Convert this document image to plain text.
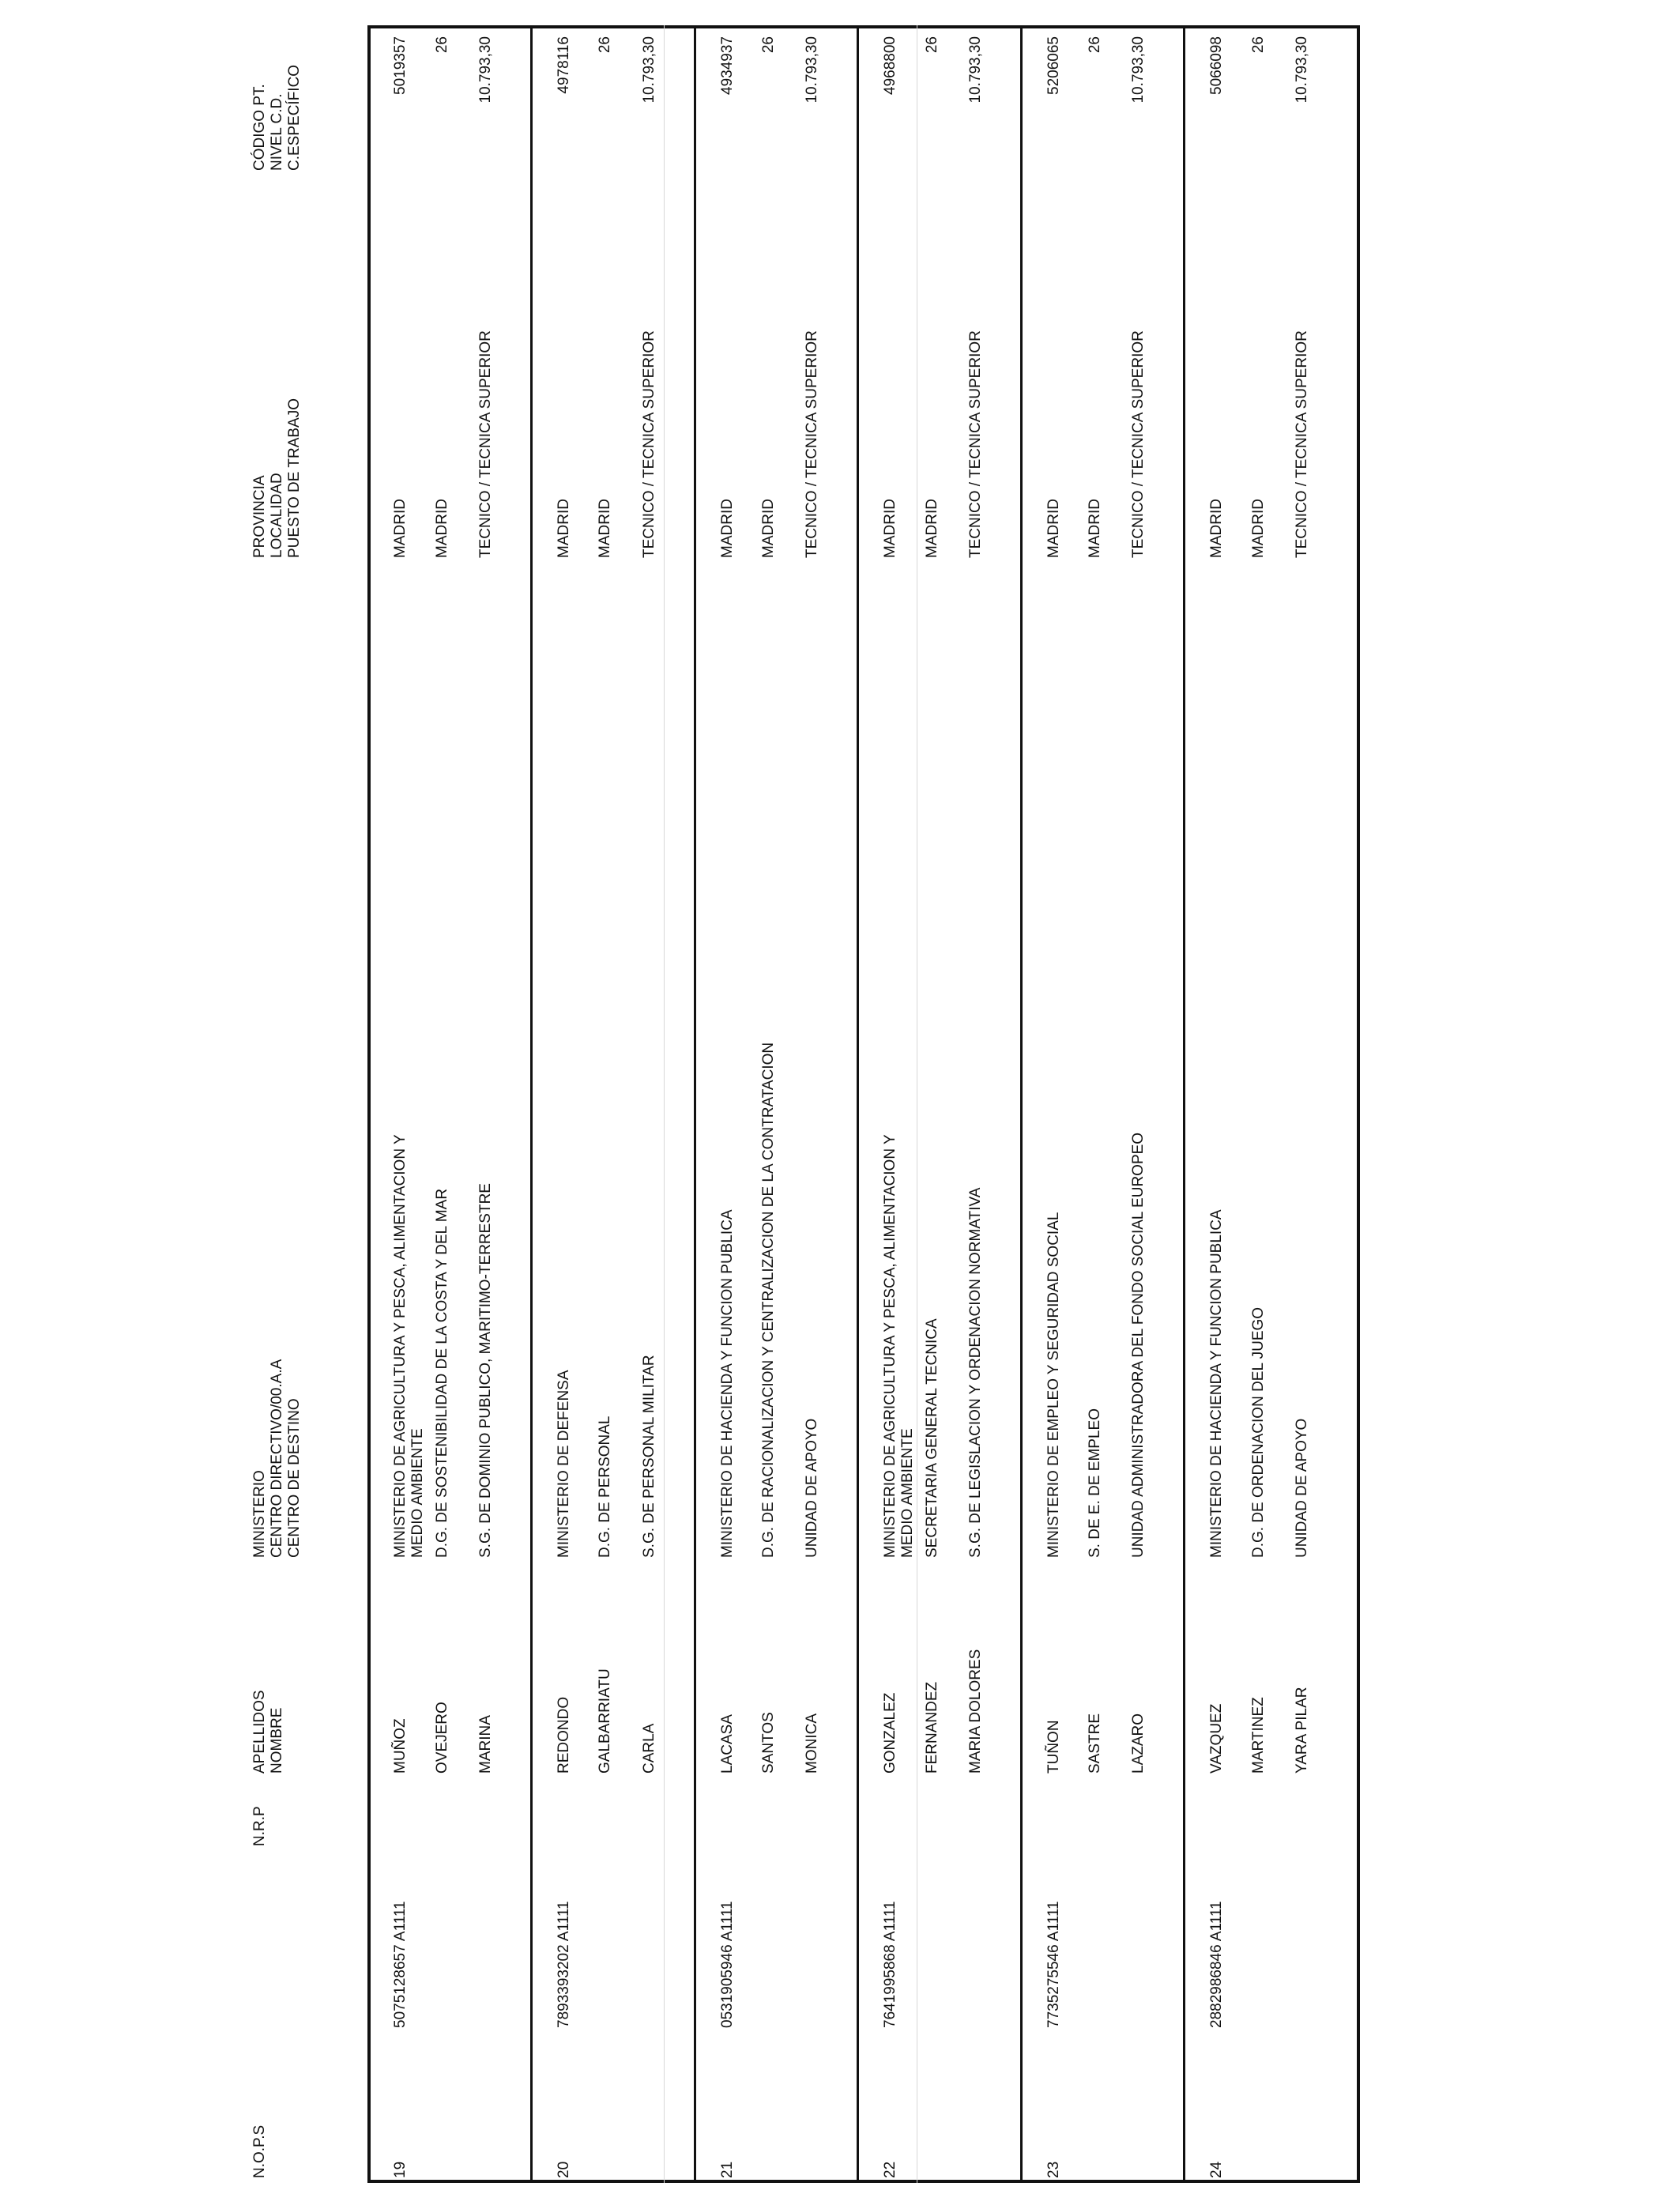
N.O.P.S
N.R.P
APELLIDOS NOMBRE
MINISTERIO CENTRO DIRECTIVO/00.A.A CENTRO DE DESTINO
PROVINCIA LOCALIDAD PUESTO DE TRABAJO
CÓDIGO PT. NIVEL C.D. C.ESPECÍFICO
19
5075128657 A1111
MUÑOZ OVEJERO MARINA
MINISTERIO DE AGRICULTURA Y PESCA, ALIMENTACION Y MEDIO AMBIENTE D.G. DE SOSTENIBILIDAD DE LA COSTA Y DEL MAR S.G. DE DOMINIO PUBLICO, MARITIMO-TERRESTRE
MADRID MADRID TECNICO / TECNICA SUPERIOR
5019357 26 10.793,30
20
7893393202 A1111
REDONDO GALBARRIATU CARLA
MINISTERIO DE DEFENSA D.G. DE PERSONAL S.G. DE PERSONAL MILITAR
MADRID MADRID TECNICO / TECNICA SUPERIOR
4978116 26 10.793,30
21
0531905946 A1111
LACASA SANTOS MONICA
MINISTERIO DE HACIENDA Y FUNCION PUBLICA D.G. DE RACIONALIZACION Y CENTRALIZACION DE LA CONTRATACION UNIDAD DE APOYO
MADRID MADRID TECNICO / TECNICA SUPERIOR
4934937 26 10.793,30
22
7641995868 A1111
GONZALEZ FERNANDEZ MARIA DOLORES
MINISTERIO DE AGRICULTURA Y PESCA, ALIMENTACION Y MEDIO AMBIENTE SECRETARIA GENERAL TECNICA S.G. DE LEGISLACION Y ORDENACION NORMATIVA
MADRID MADRID TECNICO / TECNICA SUPERIOR
4968800 26 10.793,30
23
7735275546 A1111
TUÑON SASTRE LAZARO
MINISTERIO DE EMPLEO Y SEGURIDAD SOCIAL S. DE E. DE EMPLEO UNIDAD ADMINISTRADORA DEL FONDO SOCIAL EUROPEO
MADRID MADRID TECNICO / TECNICA SUPERIOR
5206065 26 10.793,30
24
2882986846 A1111
VAZQUEZ MARTINEZ YARA PILAR
MINISTERIO DE HACIENDA Y FUNCION PUBLICA D.G. DE ORDENACION DEL JUEGO UNIDAD DE APOYO
MADRID MADRID TECNICO / TECNICA SUPERIOR
5066098 26 10.793,30
